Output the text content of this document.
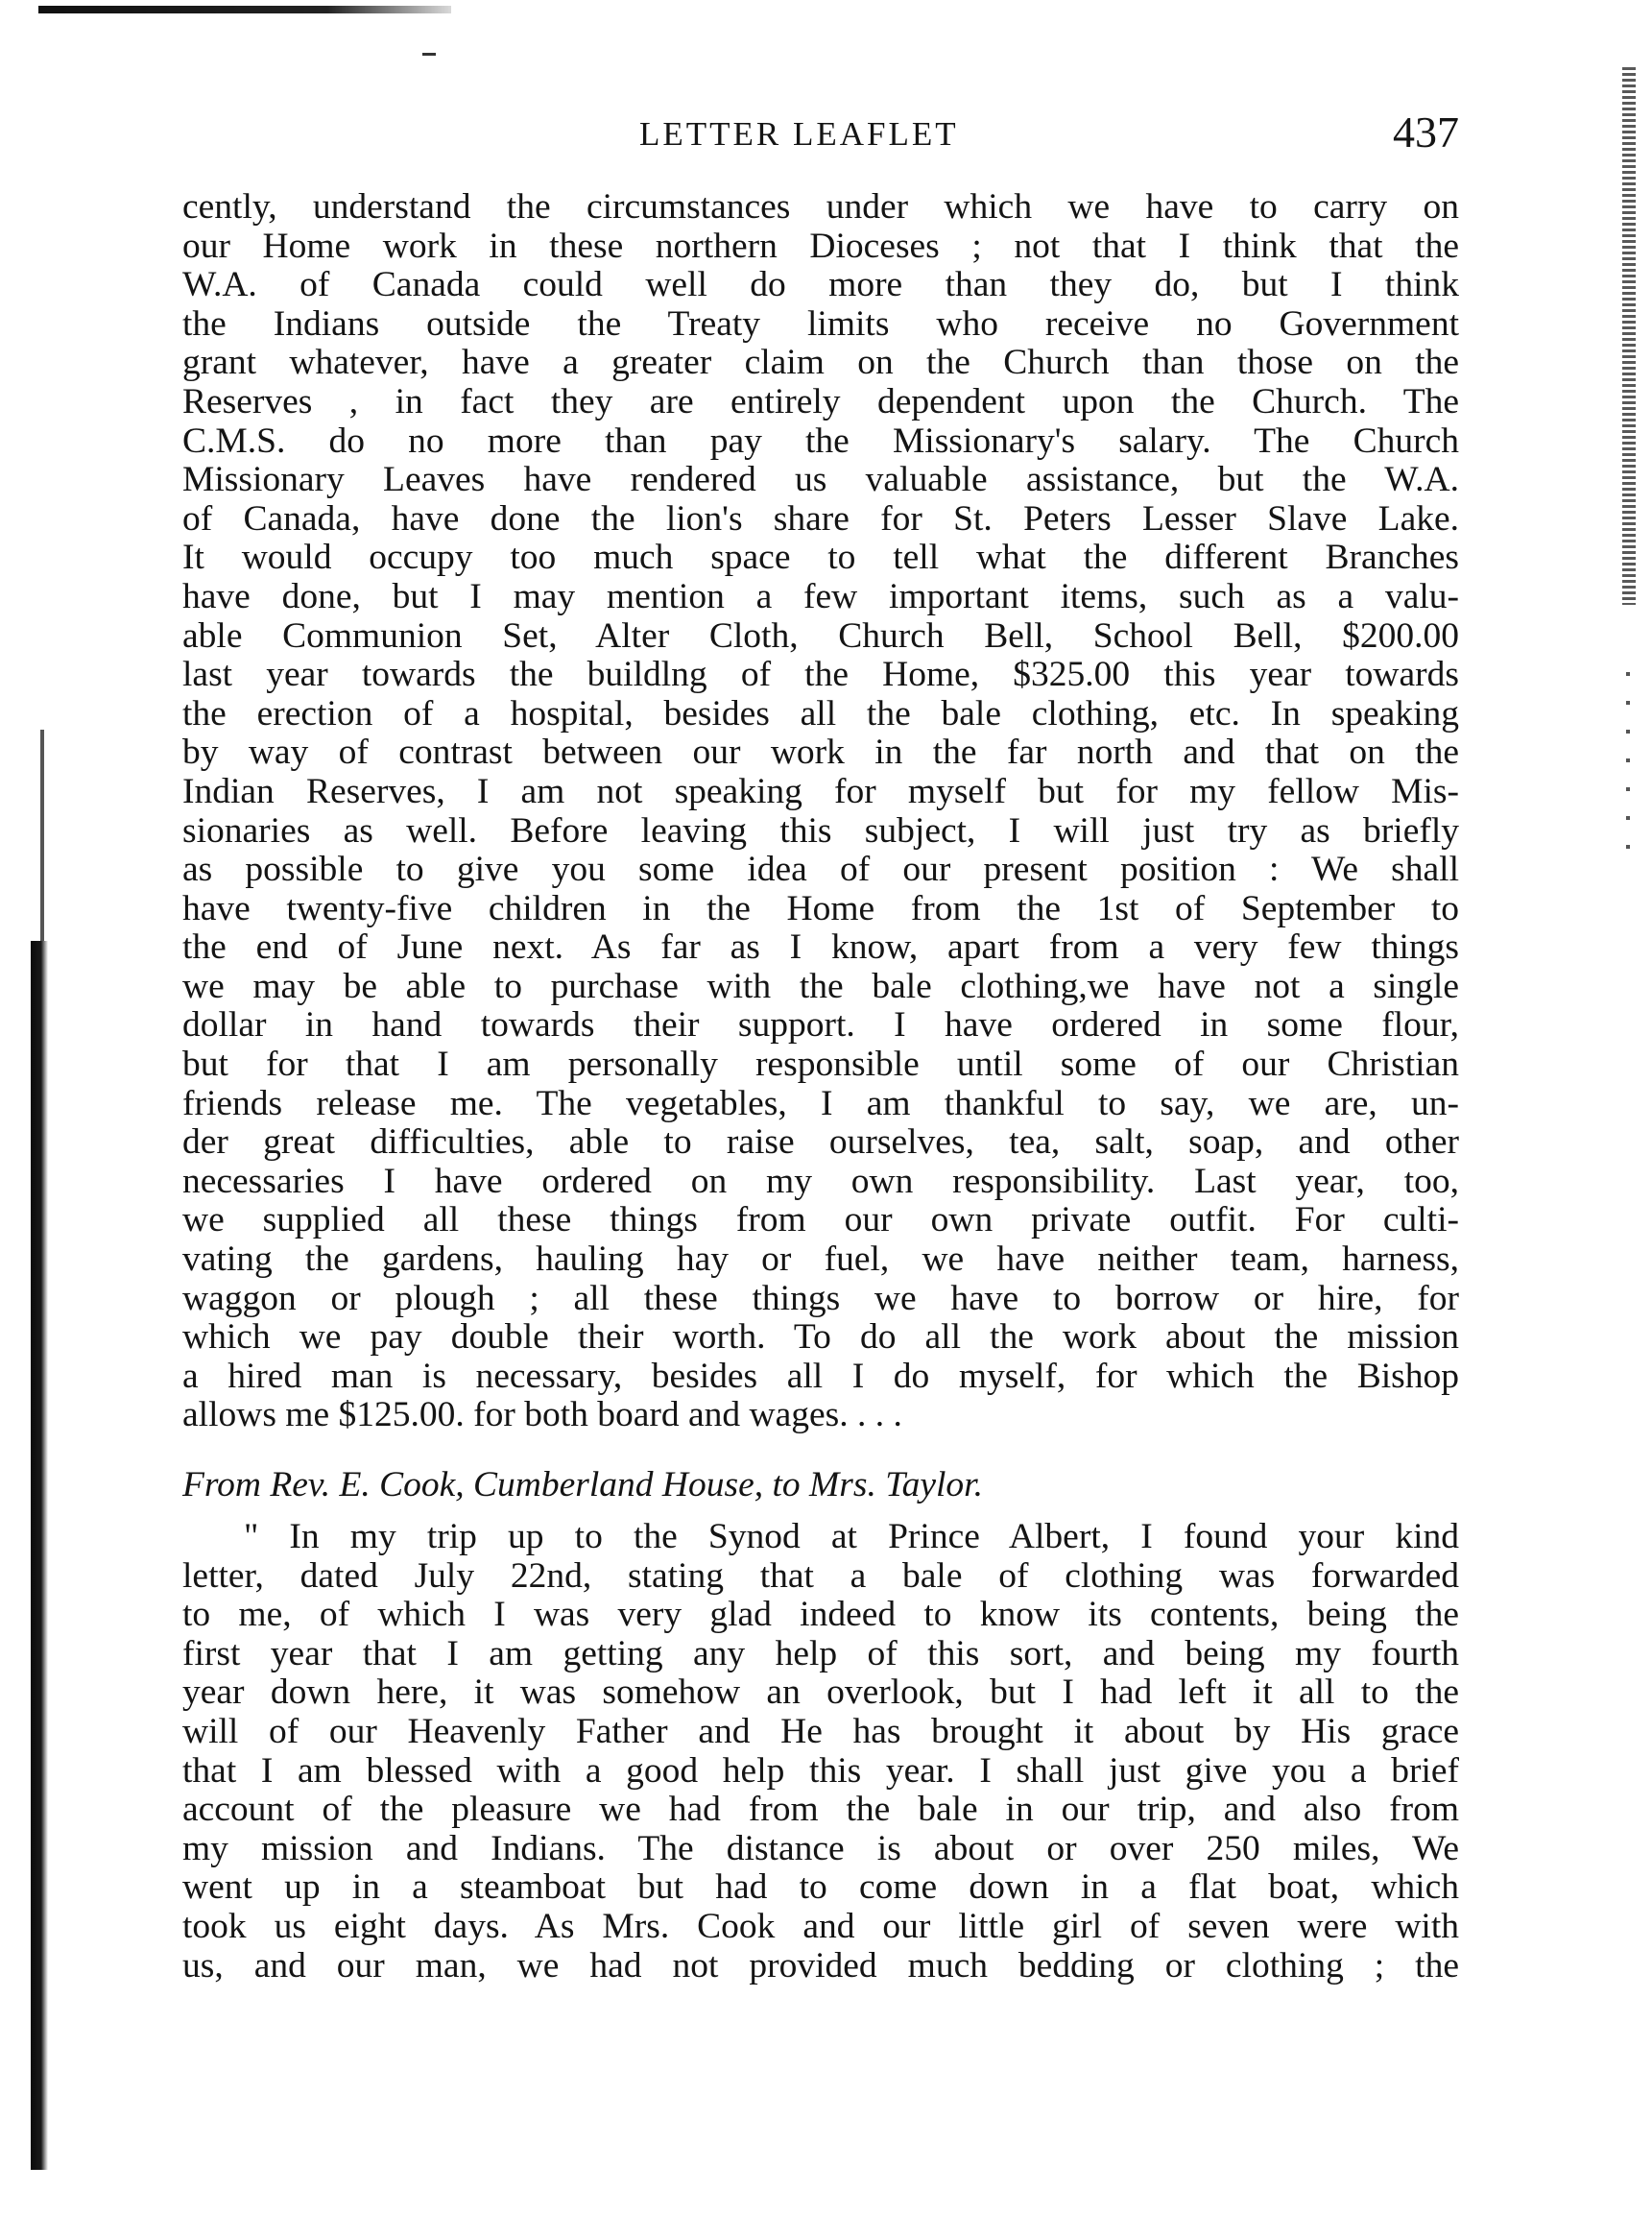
LETTER LEAFLET	437
cently, understand the circumstances under which we have to carry on
our Home work in these northern Dioceses ; not that I think that the
W.A. of Canada could well do more than they do, but I think
the Indians outside the Treaty limits who receive no Government
grant whatever, have a greater claim on the Church than those on the
Reserves , in fact they are entirely dependent upon the Church. The
C.M.S. do no more than pay the Missionary's salary. The Church
Missionary Leaves have rendered us valuable assistance, but the W.A.
of Canada, have done the lion's share for St. Peters Lesser Slave Lake.
It would occupy too much space to tell what the different Branches
have done, but I may mention a few important items, such as a valu-
able Communion Set, Alter Cloth, Church Bell, School Bell, $200.00
last year towards the buildlng of the Home, $325.00 this year towards
the erection of a hospital, besides all the bale clothing, etc. In speaking
by way of contrast between our work in the far north and that on the
Indian Reserves, I am not speaking for myself but for my fellow Mis-
sionaries as well. Before leaving this subject, I will just try as briefly
as possible to give you some idea of our present position : We shall
have twenty-five children in the Home from the 1st of September to
the end of June next. As far as I know, apart from a very few things
we may be able to purchase with the bale clothing,we have not a single
dollar in hand towards their support. I have ordered in some flour,
but for that I am personally responsible until some of our Christian
friends release me. The vegetables, I am thankful to say, we are, un-
der great difficulties, able to raise ourselves, tea, salt, soap, and other
necessaries I have ordered on my own responsibility. Last year, too,
we supplied all these things from our own private outfit. For culti-
vating the gardens, hauling hay or fuel, we have neither team, harness,
waggon or plough ; all these things we have to borrow or hire, for
which we pay double their worth. To do all the work about the mission
a hired man is necessary, besides all I do myself, for which the Bishop
allows me $125.00. for both board and wages. . . .
From Rev. E. Cook, Cumberland House, to Mrs. Taylor.
" In my trip up to the Synod at Prince Albert, I found your kind
letter, dated July 22nd, stating that a bale of clothing was forwarded
to me, of which I was very glad indeed to know its contents, being the
first year that I am getting any help of this sort, and being my fourth
year down here, it was somehow an overlook, but I had left it all to the
will of our Heavenly Father and He has brought it about by His grace
that I am blessed with a good help this year. I shall just give you a brief
account of the pleasure we had from the bale in our trip, and also from
my mission and Indians. The distance is about or over 250 miles, We
went up in a steamboat but had to come down in a flat boat, which
took us eight days. As Mrs. Cook and our little girl of seven were with
us, and our man, we had not provided much bedding or clothing ; the
